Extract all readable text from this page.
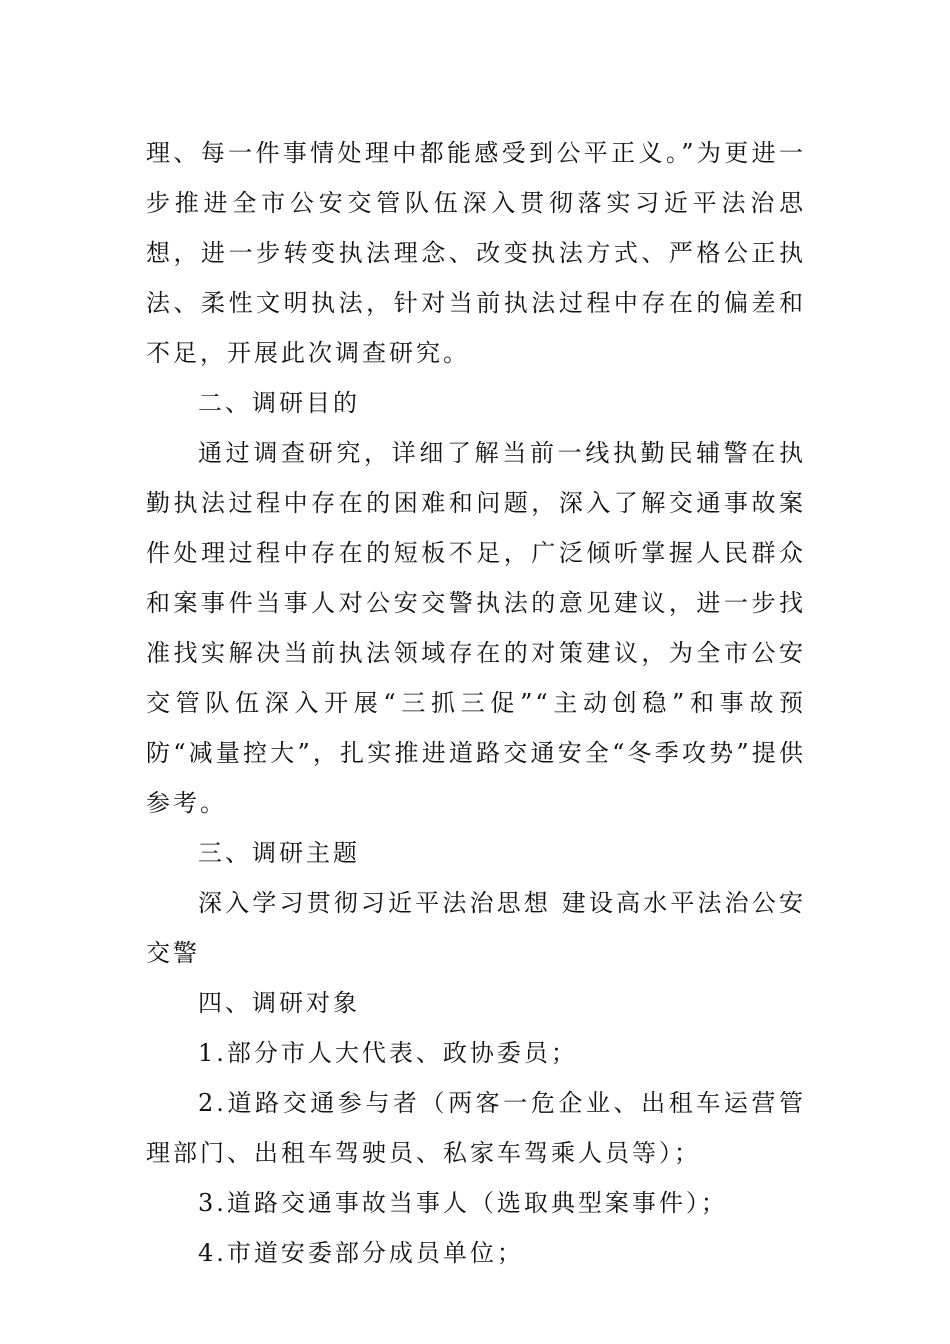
理、每一件事情处理中都能感受到公平正义。”为更进一步推进全市公安交管队伍深入贯彻落实习近平法治思想，进一步转变执法理念、改变执法方式、严格公正执法、柔性文明执法，针对当前执法过程中存在的偏差和不足，开展此次调查研究。

二、调研目的

通过调查研究，详细了解当前一线执勤民辅警在执勤执法过程中存在的困难和问题，深入了解交通事故案件处理过程中存在的短板不足，广泛倾听掌握人民群众和案事件当事人对公安交警执法的意见建议，进一步找准找实解决当前执法领域存在的对策建议，为全市公安交管队伍深入开展“三抓三促”“主动创稳”和事故预防“减量控大”，扎实推进道路交通安全“冬季攻势”提供参考。

三、调研主题

深入学习贯彻习近平法治思想 建设高水平法治公安交警

四、调研对象

1.部分市人大代表、政协委员；

2.道路交通参与者（两客一危企业、出租车运营管理部门、出租车驾驶员、私家车驾乘人员等）；

3.道路交通事故当事人（选取典型案事件）；

4.市道安委部分成员单位；
